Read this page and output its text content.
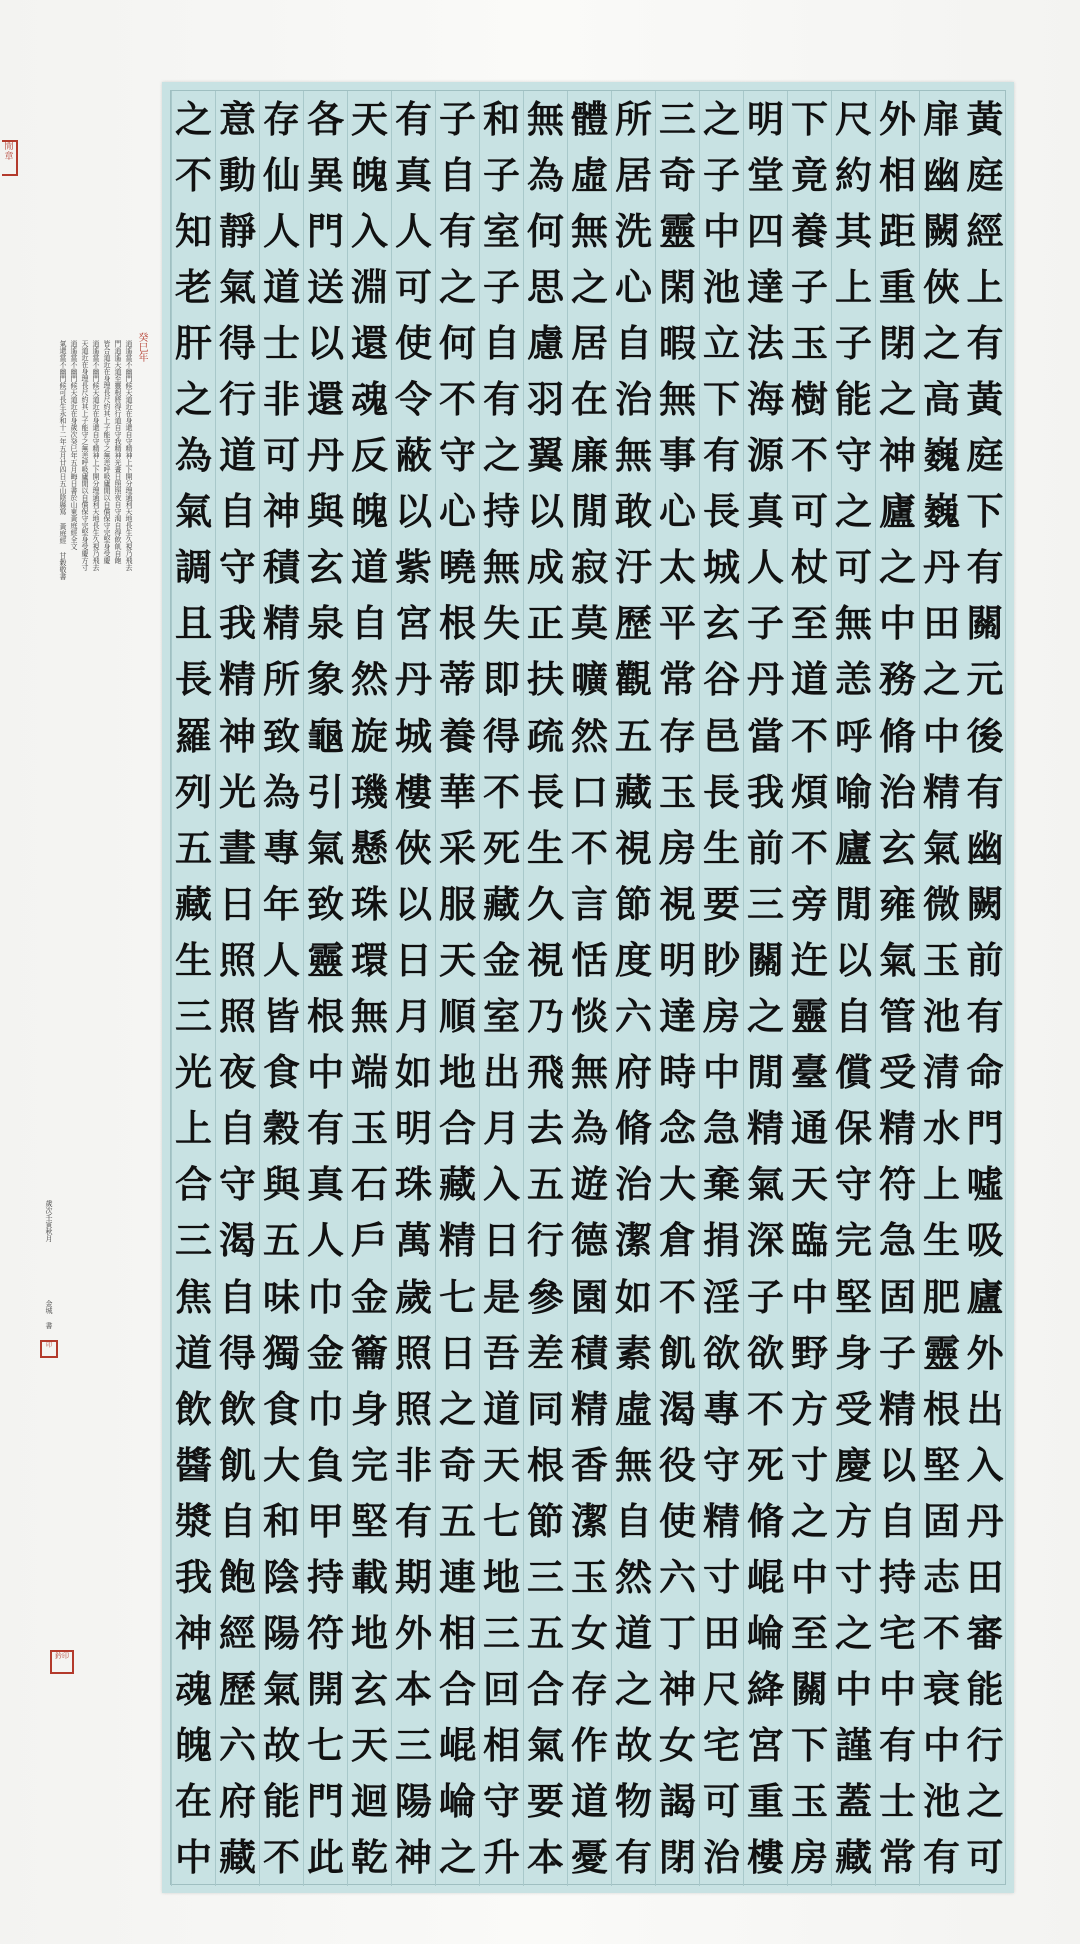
閒章
癸巳年
逍遙當不幽門候天道近在身還自守精神上下開分理通利天地長生久視乃飛去
門逍遙天道至靈根將得行道自守我精神光晝日照照夜自守渴自得飲飢自飽
皆合道近在身理長尺約其上子能守之無恙呼吸廬閒以自償保守完堅身受慶
逍遙當不幽門候天道近在身還自守精神上下開分理通利天地長生久視乃飛去
天道近在身理長尺約其上子能守之無恙呼吸廬閒以自償保守完堅身受慶方寸
逍遙當不幽門候天道近在身歲次癸巳年五月晦日書於山東黃庭經全文
氣還當不幽門候可長生永和十二年五月廿四日五山陰縣寫 黃庭經 甘穀敬書
歲次壬寅秋月
金城 書
印
鈐印
黃
庭
經
上
有
黃
庭
下
有
關
元
後
有
幽
闕
前
有
命
門
噓
吸
廬
外
出
入
丹
田
審
能
行
之
可
扉
幽
闕
俠
之
高
巍
巍
丹
田
之
中
精
氣
微
玉
池
清
水
上
生
肥
靈
根
堅
固
志
不
衰
中
池
有
外
相
距
重
閉
之
神
廬
之
中
務
脩
治
玄
雍
氣
管
受
精
符
急
固
子
精
以
自
持
宅
中
有
士
常
尺
約
其
上
子
能
守
之
可
無
恙
呼
喻
廬
閒
以
自
償
保
守
完
堅
身
受
慶
方
寸
之
中
謹
蓋
藏
下
竟
養
子
玉
樹
不
可
杖
至
道
不
煩
不
旁
迕
靈
臺
通
天
臨
中
野
方
寸
之
中
至
關
下
玉
房
明
堂
四
達
法
海
源
真
人
子
丹
當
我
前
三
關
之
閒
精
氣
深
子
欲
不
死
脩
崐
崘
絳
宮
重
樓
之
子
中
池
立
下
有
長
城
玄
谷
邑
長
生
要
眇
房
中
急
棄
捐
淫
欲
專
守
精
寸
田
尺
宅
可
治
三
奇
靈
閑
暇
無
事
心
太
平
常
存
玉
房
視
明
達
時
念
大
倉
不
飢
渴
役
使
六
丁
神
女
謁
閉
所
居
洗
心
自
治
無
敢
汙
歷
觀
五
藏
視
節
度
六
府
脩
治
潔
如
素
虛
無
自
然
道
之
故
物
有
體
虛
無
之
居
在
廉
閒
寂
莫
曠
然
口
不
言
恬
惔
無
為
遊
德
園
積
精
香
潔
玉
女
存
作
道
憂
無
為
何
思
慮
羽
翼
以
成
正
扶
疏
長
生
久
視
乃
飛
去
五
行
參
差
同
根
節
三
五
合
氣
要
本
和
子
室
子
自
有
之
持
無
失
即
得
不
死
藏
金
室
出
月
入
日
是
吾
道
天
七
地
三
回
相
守
升
子
自
有
之
何
不
守
心
曉
根
蒂
養
華
采
服
天
順
地
合
藏
精
七
日
之
奇
五
連
相
合
崐
崘
之
有
真
人
可
使
令
蔽
以
紫
宮
丹
城
樓
俠
以
日
月
如
明
珠
萬
歲
照
照
非
有
期
外
本
三
陽
神
天
魄
入
淵
還
魂
反
魄
道
自
然
旋
璣
懸
珠
環
無
端
玉
石
戶
金
籥
身
完
堅
載
地
玄
天
迴
乾
各
異
門
送
以
還
丹
與
玄
泉
象
龜
引
氣
致
靈
根
中
有
真
人
巾
金
巾
負
甲
持
符
開
七
門
此
存
仙
人
道
士
非
可
神
積
精
所
致
為
專
年
人
皆
食
穀
與
五
味
獨
食
大
和
陰
陽
氣
故
能
不
意
動
靜
氣
得
行
道
自
守
我
精
神
光
晝
日
照
照
夜
自
守
渴
自
得
飲
飢
自
飽
經
歷
六
府
藏
之
不
知
老
肝
之
為
氣
調
且
長
羅
列
五
藏
生
三
光
上
合
三
焦
道
飲
醬
漿
我
神
魂
魄
在
中
